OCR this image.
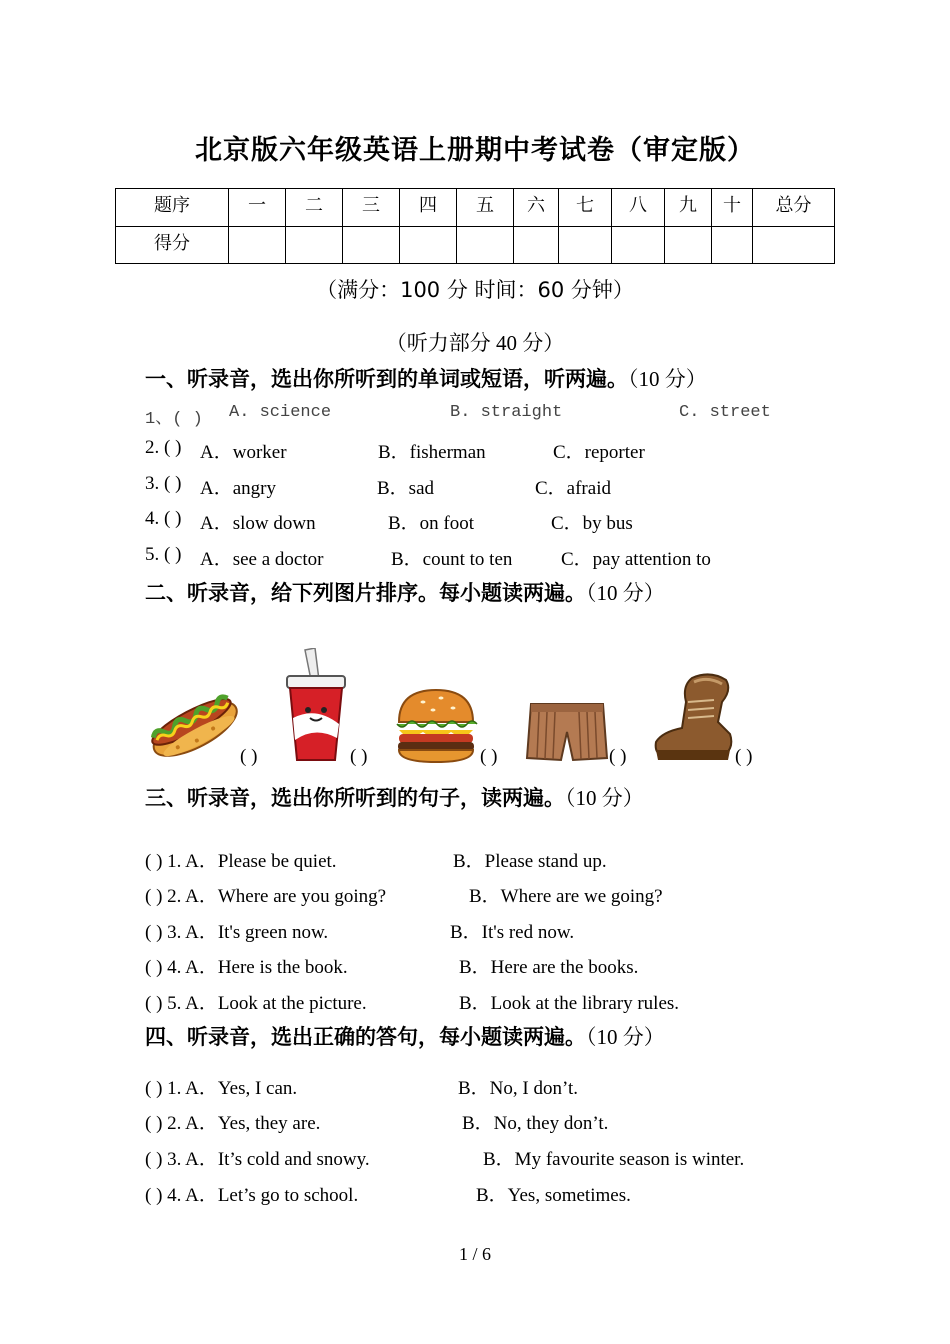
北京版六年级英语上册期中考试卷（审定版）
题序	一	二	三	四	五	六	七	八	九	十	总分
得分											
（满分：100 分 时间：60 分钟）
（听力部分 40 分）
一、听录音，选出你所听到的单词或短语，听两遍。（10 分）
1、( ) A. science	B. straight	C. street
2. ( ) A．worker	B．fisherman	C．reporter
3. ( ) A．angry	B．sad	C．afraid
4. ( ) A．slow down	B．on foot	C．by bus
5. ( ) A．see a doctor	B．count to ten	C．pay attention to
二、听录音，给下列图片排序。每小题读两遍。（10 分）
( )	( )	( )	( )	( )
三、听录音，选出你所听到的句子，读两遍。（10 分）
( ) 1. A．Please be quiet.	B．Please stand up.
( ) 2. A．Where are you going?	B．Where are we going?
( ) 3. A．It's green now.	B．It's red now.
( ) 4. A．Here is the book.	B．Here are the books.
( ) 5. A．Look at the picture.	B．Look at the library rules.
四、听录音，选出正确的答句，每小题读两遍。（10 分）
( ) 1. A．Yes, I can.	B．No, I don’t.
( ) 2. A．Yes, they are.	B．No, they don’t.
( ) 3. A．It’s cold and snowy.	B．My favourite season is winter.
( ) 4. A．Let’s go to school.	B．Yes, sometimes.
1 / 6
